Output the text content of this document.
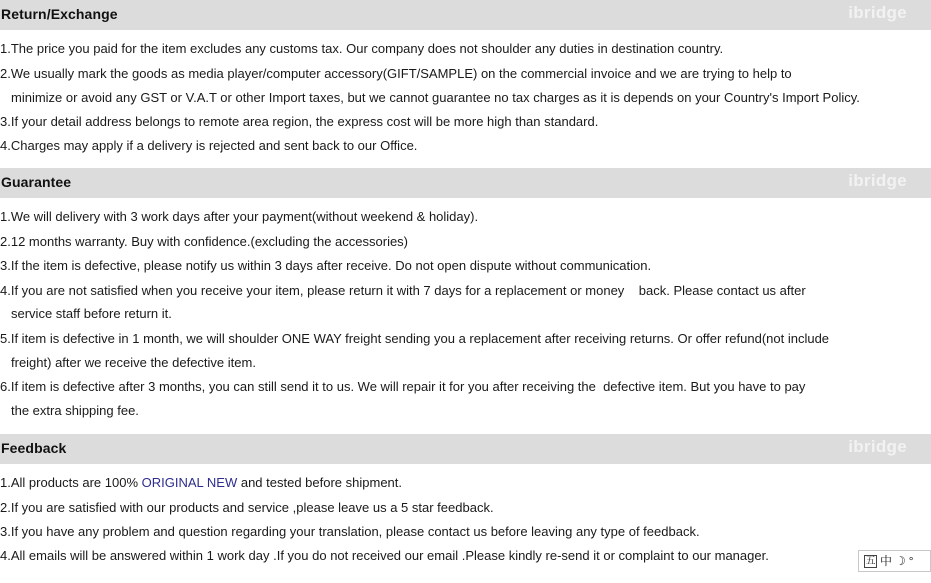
Return/Exchange	ibridge
1.The price you paid for the item excludes any customs tax. Our company does not shoulder any duties in destination country.
2.We usually mark the goods as media player/computer accessory(GIFT/SAMPLE) on the commercial invoice and we are trying to help to
minimize or avoid any GST or V.A.T or other Import taxes, but we cannot guarantee no tax charges as it is depends on your Country's Import Policy.
3.If your detail address belongs to remote area region, the express cost will be more high than standard.
4.Charges may apply if a delivery is rejected and sent back to our Office.
Guarantee	ibridge
1.We will delivery with 3 work days after your payment(without weekend & holiday).
2.12 months warranty. Buy with confidence.(excluding the accessories)
3.If the item is defective, please notify us within 3 days after receive. Do not open dispute without communication.
4.If you are not satisfied when you receive your item, please return it with 7 days for a replacement or money    back. Please contact us after
service staff before return it.
5.If item is defective in 1 month, we will shoulder ONE WAY freight sending you a replacement after receiving returns. Or offer refund(not include
freight) after we receive the defective item.
6.If item is defective after 3 months, you can still send it to us. We will repair it for you after receiving the  defective item. But you have to pay
the extra shipping fee.
Feedback	ibridge
1.All products are 100% ORIGINAL NEW and tested before shipment.
2.If you are satisfied with our products and service ,please leave us a 5 star feedback.
3.If you have any problem and question regarding your translation, please contact us before leaving any type of feedback.
4.All emails will be answered within 1 work day .If you do not received our email .Please kindly re-send it or complaint to our manager.	五 中 ☽ °
